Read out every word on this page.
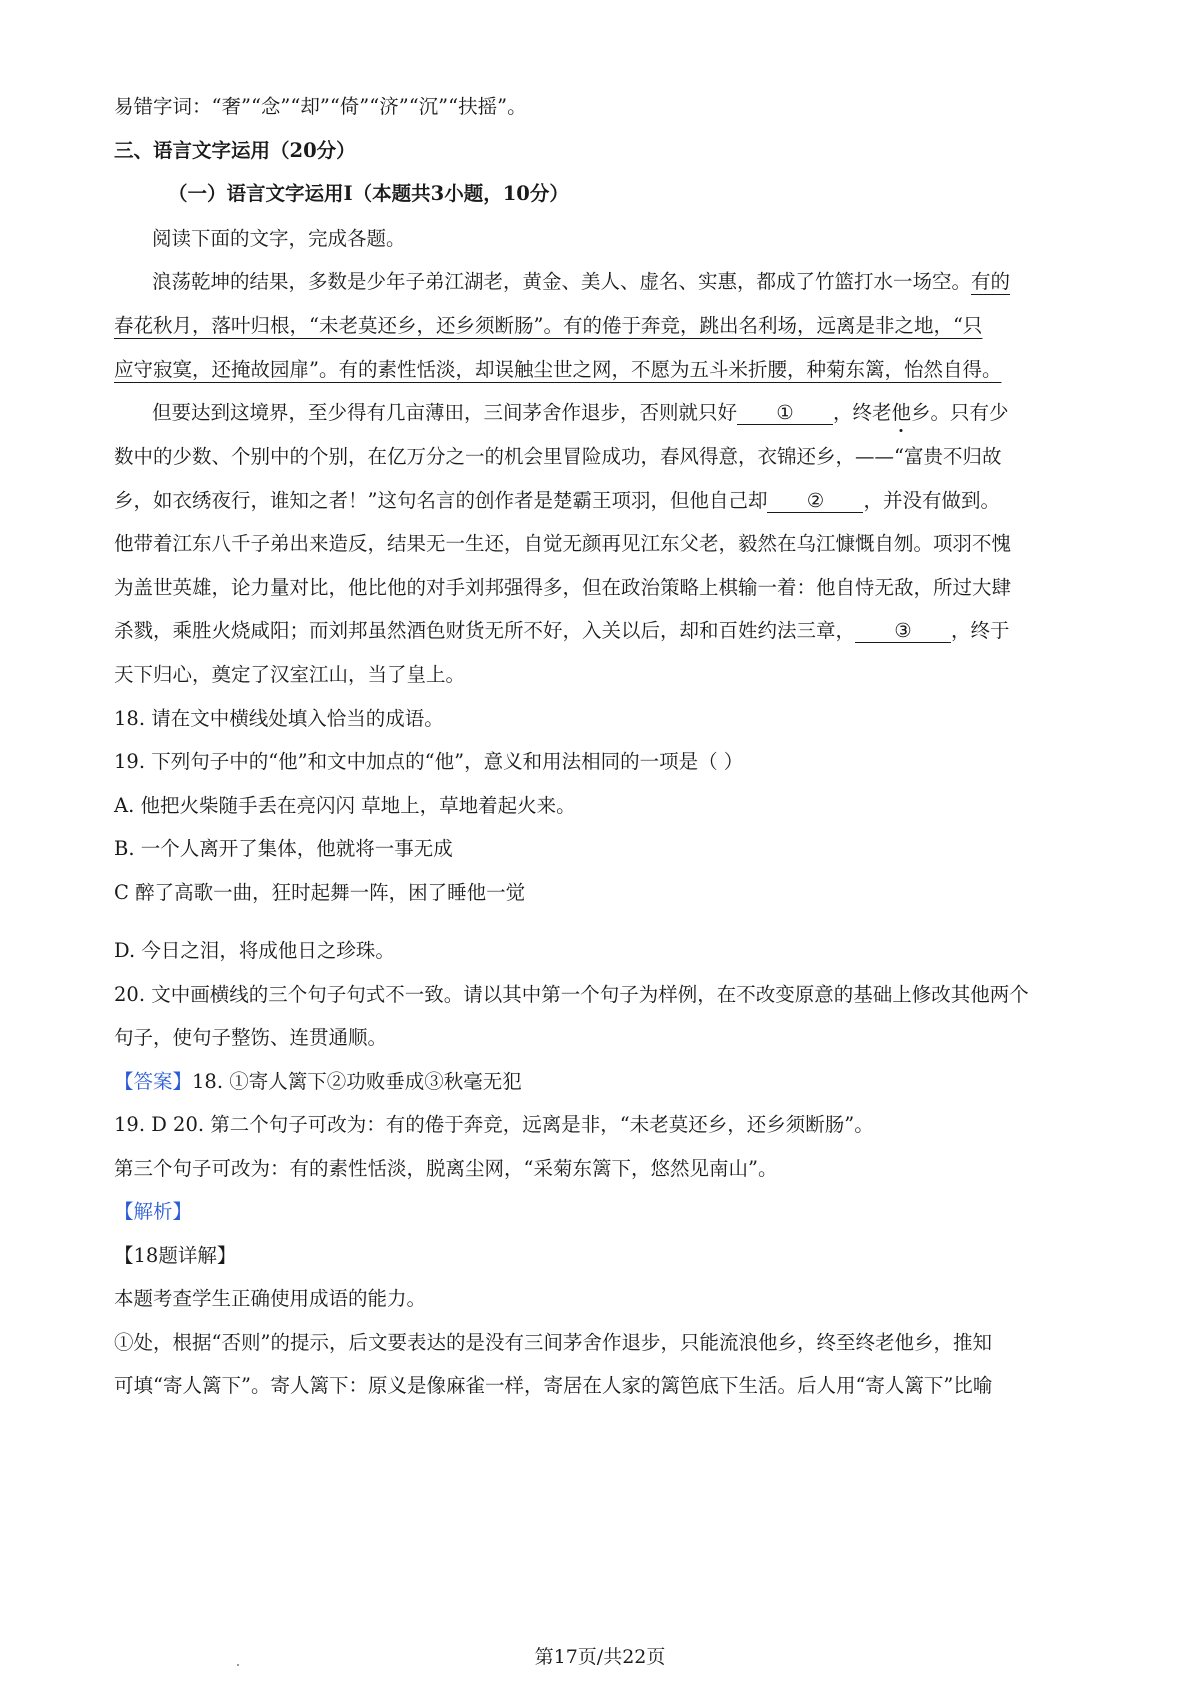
易错字词：“奢”“念”“却”“倚”“济”“沉”“扶摇”。
三、语言文字运用（20分）
（一）语言文字运用Ⅰ（本题共3小题，10分）
阅读下面的文字，完成各题。
浪荡乾坤的结果，多数是少年子弟江湖老，黄金、美人、虚名、实惠，都成了竹篮打水一场空。有的
春花秋月，落叶归根，“未老莫还乡，还乡须断肠”。有的倦于奔竞，跳出名利场，远离是非之地，“只
应守寂寞，还掩故园扉”。有的素性恬淡，却误触尘世之网，不愿为五斗米折腰，种菊东篱，怡然自得。
但要达到这境界，至少得有几亩薄田，三间茅舍作退步，否则就只好 ① ，终老他乡。只有少
数中的少数、个别中的个别，在亿万分之一的机会里冒险成功，春风得意，衣锦还乡，——“富贵不归故
乡，如衣绣夜行，谁知之者！”这句名言的创作者是楚霸王项羽，但他自己却 ② ，并没有做到。
他带着江东八千子弟出来造反，结果无一生还，自觉无颜再见江东父老，毅然在乌江慷慨自刎。项羽不愧
为盖世英雄，论力量对比，他比他的对手刘邦强得多，但在政治策略上棋输一着：他自恃无敌，所过大肆
杀戮，乘胜火烧咸阳；而刘邦虽然酒色财货无所不好，入关以后，却和百姓约法三章， ③ ，终于
天下归心，奠定了汉室江山，当了皇上。
18. 请在文中横线处填入恰当的成语。
19. 下列句子中的“他”和文中加点的“他”，意义和用法相同的一项是（ ）
A. 他把火柴随手丢在亮闪闪 草地上，草地着起火来。
B. 一个人离开了集体，他就将一事无成
C 醉了高歌一曲，狂时起舞一阵，困了睡他一觉
D. 今日之泪，将成他日之珍珠。
20. 文中画横线的三个句子句式不一致。请以其中第一个句子为样例，在不改变原意的基础上修改其他两个
句子，使句子整饬、连贯通顺。
【答案】18. ①寄人篱下②功败垂成③秋毫无犯
19. D 20. 第二个句子可改为：有的倦于奔竞，远离是非，“未老莫还乡，还乡须断肠”。
第三个句子可改为：有的素性恬淡，脱离尘网，“采菊东篱下，悠然见南山”。
【解析】
【18题详解】
本题考查学生正确使用成语的能力。
①处，根据“否则”的提示，后文要表达的是没有三间茅舍作退步，只能流浪他乡，终至终老他乡，推知
可填“寄人篱下”。寄人篱下：原义是像麻雀一样，寄居在人家的篱笆底下生活。后人用“寄人篱下”比喻
第17页/共22页
